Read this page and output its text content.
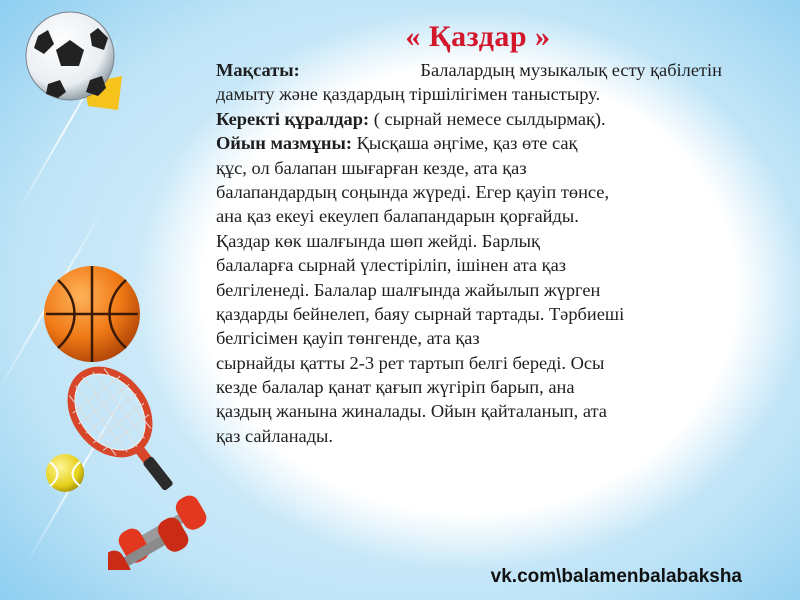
« Қаздар »
Мақсаты:	Балалардың музыкалық есту қабілетін
дамыту және қаздардың тіршілігімен таныстыру.
Керекті құралдар: ( сырнай немесе сылдырмақ).
Ойын мазмұны: Қысқаша әңгіме, қаз өте сақ
құс, ол балапан шығарған кезде, ата қаз
балапандардың соңында жүреді. Егер қауіп төнсе,
ана қаз екеуі екеулеп балапандарын қорғайды.
Қаздар көк шалғында шөп жейді. Барлық
балаларға сырнай үлестіріліп, ішінен ата қаз
белгіленеді. Балалар шалғында жайылып жүрген
қаздарды бейнелеп, баяу сырнай тартады. Тәрбиеші
белгісімен қауіп төнгенде, ата қаз
сырнайды қатты 2-3 рет тартып белгі береді. Осы
кезде балалар қанат қағып жүгіріп барып, ана
қаздың жанына жиналады. Ойын қайталанып, ата
қаз сайланады.
vk.com\balamenbalabaksha
